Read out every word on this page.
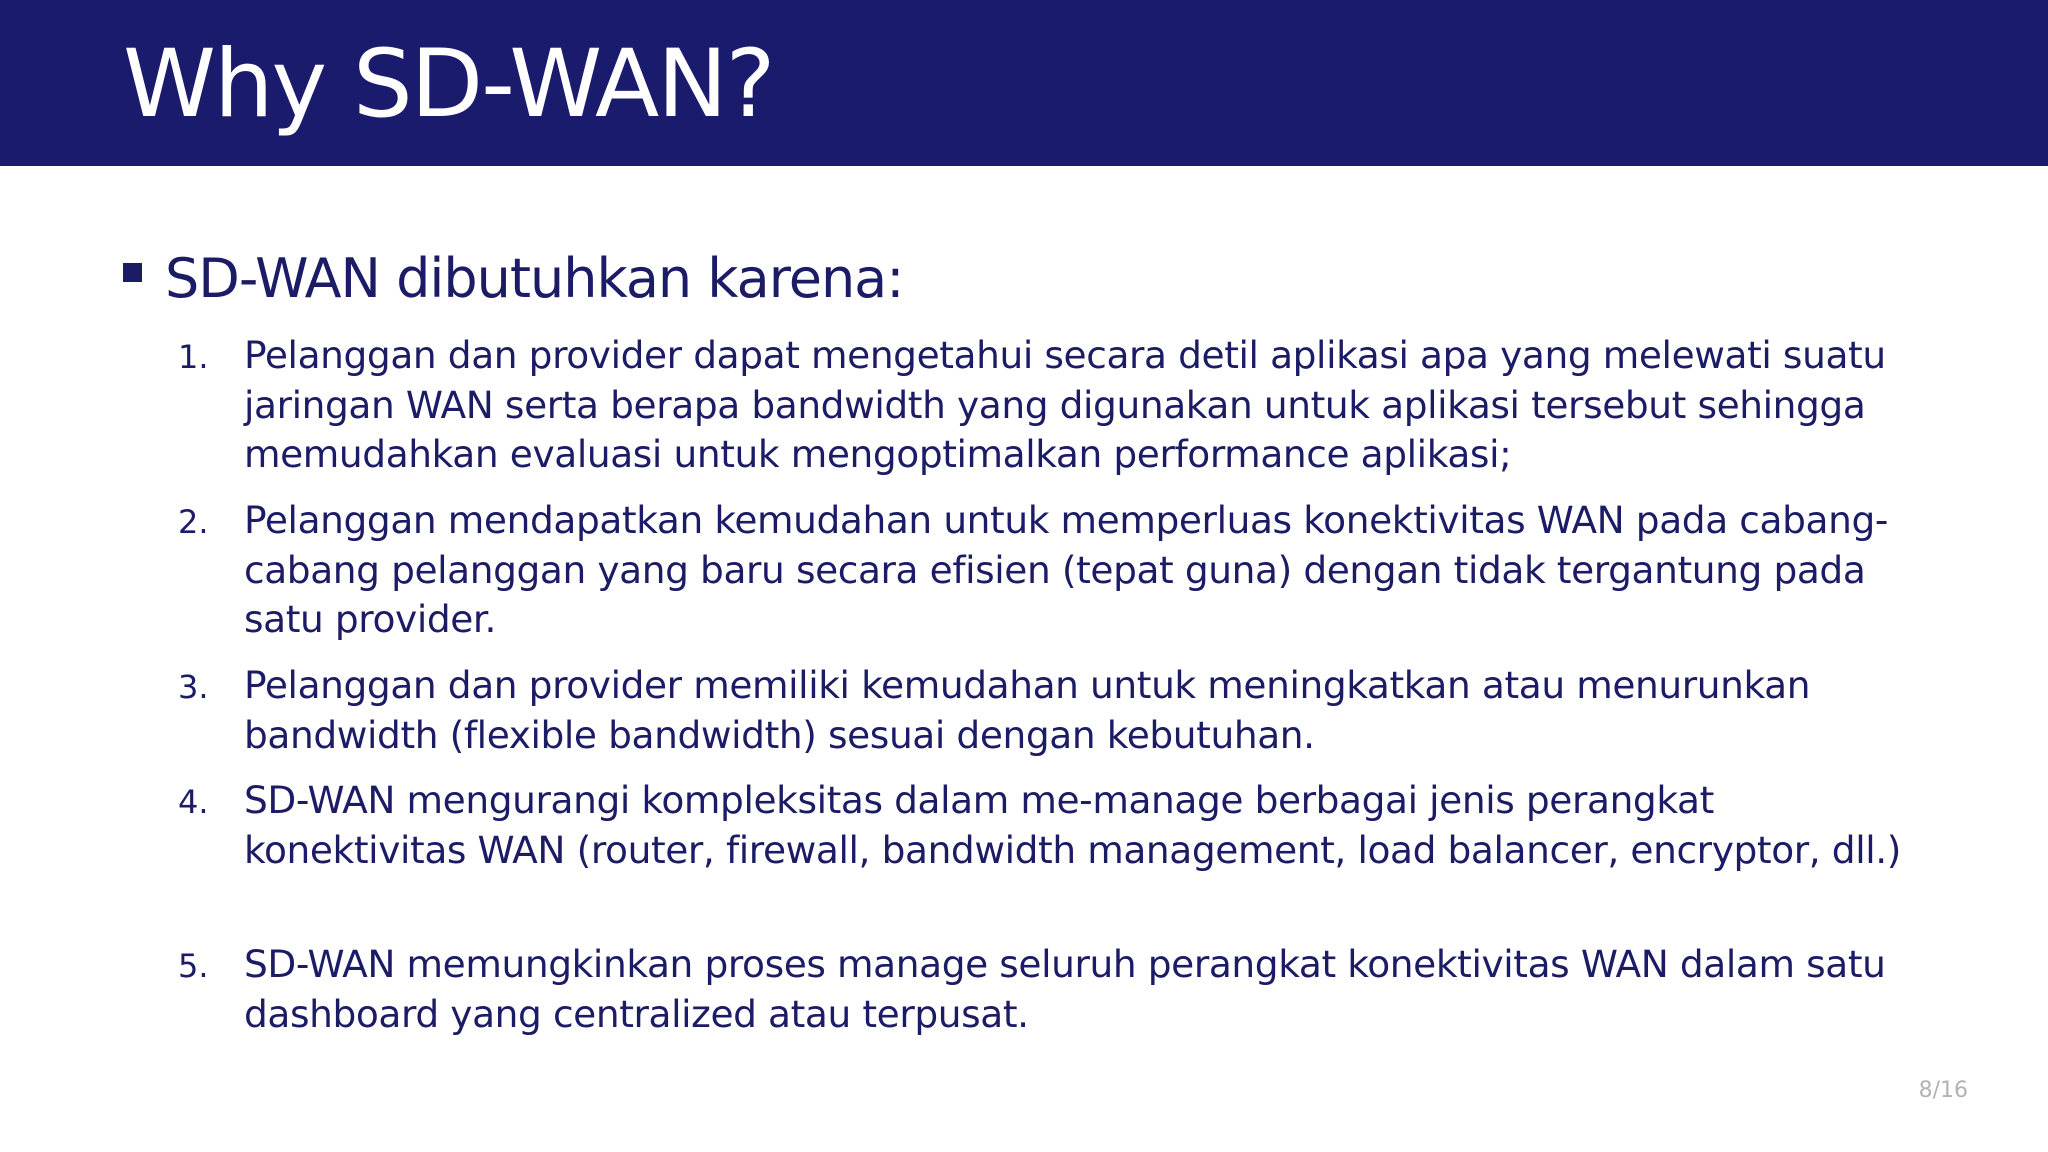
Why SD-WAN?
SD-WAN dibutuhkan karena:
1. Pelanggan dan provider dapat mengetahui secara detil aplikasi apa yang melewati suatu jaringan WAN serta berapa bandwidth yang digunakan untuk aplikasi tersebut sehingga memudahkan evaluasi untuk mengoptimalkan performance aplikasi;

2. Pelanggan mendapatkan kemudahan untuk memperluas konektivitas WAN pada cabang-cabang pelanggan yang baru secara efisien (tepat guna) dengan tidak tergantung pada satu provider.

3. Pelanggan dan provider memiliki kemudahan untuk meningkatkan atau menurunkan bandwidth (flexible bandwidth) sesuai dengan kebutuhan.

4. SD-WAN mengurangi kompleksitas dalam me-manage berbagai jenis perangkat konektivitas WAN (router, firewall, bandwidth management, load balancer, encryptor, dll.)

5. SD-WAN memungkinkan proses manage seluruh perangkat konektivitas WAN dalam satu dashboard yang centralized atau terpusat.

8/16
